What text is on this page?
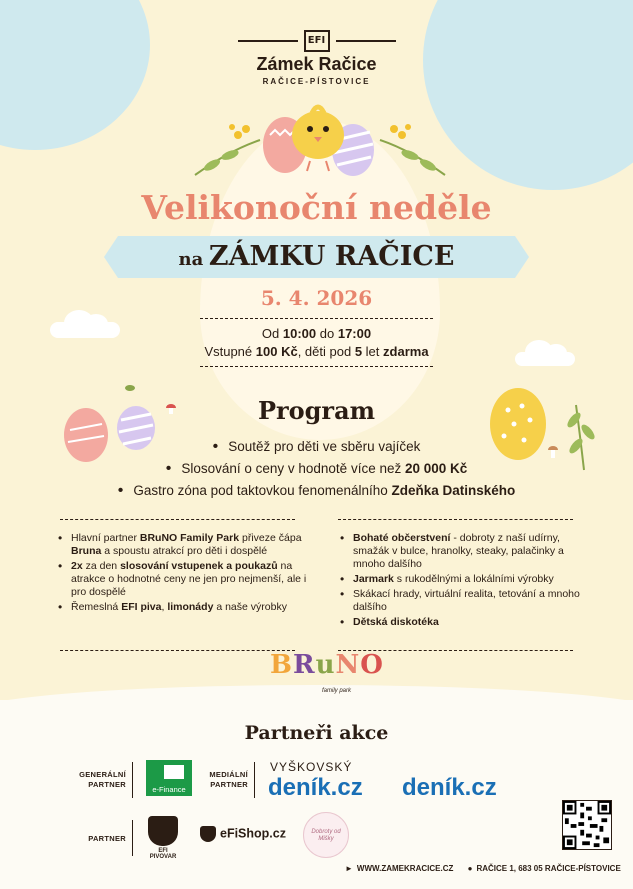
EFI
Zámek Račice
RAČICE-PÍSTOVICE
Velikonoční neděle
na ZÁMKU RAČICE
5. 4. 2026
Od 10:00 do 17:00
Vstupné 100 Kč, děti pod 5 let zdarma
Program
• Soutěž pro děti ve sběru vajíček
• Slosování o ceny v hodnotě více než 20 000 Kč
• Gastro zóna pod taktovkou fenomenálního Zdeňka Datinského
• Hlavní partner BRuNO Family Park přiveze čápa Bruna a spoustu atrakcí pro děti i dospělé
• 2x za den slosování vstupenek a poukazů na atrakce o hodnotné ceny ne jen pro nejmenší, ale i pro dospělé
• Řemeslná EFI piva, limonády a naše výrobky
• Bohaté občerstvení - dobroty z naší udírny, smažák v bulce, hranolky, steaky, palačinky a mnoho dalšího
• Jarmark s rukodělnými a lokálními výrobky
• Skákací hrady, virtuální realita, tetování a mnoho dalšího
• Dětská diskotéka
BRuNO
family park
Partneři akce
GENERÁLNÍ PARTNER
e-Finance
MEDIÁLNÍ PARTNER
VYŠKOVSKÝ
deník.cz deník.cz
PARTNER
EFI PIVOVAR
eFiShop.cz	Dobroty od Mišky
► WWW.ZAMEKRACICE.CZ ● RAČICE 1, 683 05 RAČICE-PÍSTOVICE
